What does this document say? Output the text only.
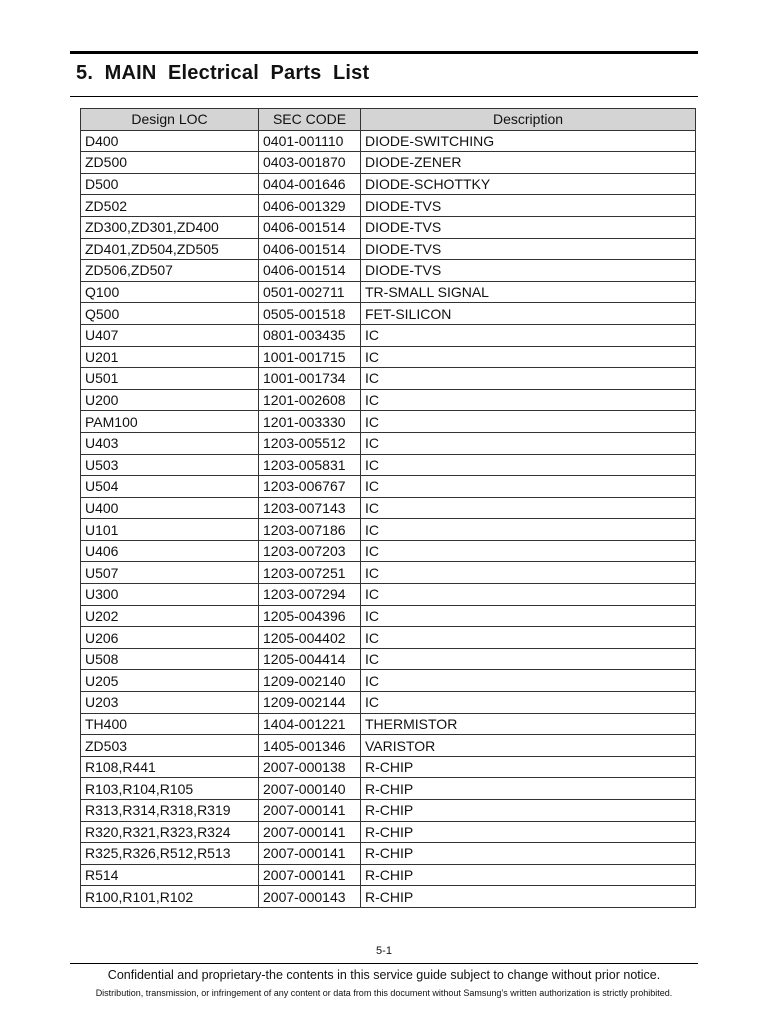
5.  MAIN  Electrical  Parts  List
Design LOC	SEC CODE	Description
D400	0401-001110	DIODE-SWITCHING
ZD500	0403-001870	DIODE-ZENER
D500	0404-001646	DIODE-SCHOTTKY
ZD502	0406-001329	DIODE-TVS
ZD300,ZD301,ZD400	0406-001514	DIODE-TVS
ZD401,ZD504,ZD505	0406-001514	DIODE-TVS
ZD506,ZD507	0406-001514	DIODE-TVS
Q100	0501-002711	TR-SMALL SIGNAL
Q500	0505-001518	FET-SILICON
U407	0801-003435	IC
U201	1001-001715	IC
U501	1001-001734	IC
U200	1201-002608	IC
PAM100	1201-003330	IC
U403	1203-005512	IC
U503	1203-005831	IC
U504	1203-006767	IC
U400	1203-007143	IC
U101	1203-007186	IC
U406	1203-007203	IC
U507	1203-007251	IC
U300	1203-007294	IC
U202	1205-004396	IC
U206	1205-004402	IC
U508	1205-004414	IC
U205	1209-002140	IC
U203	1209-002144	IC
TH400	1404-001221	THERMISTOR
ZD503	1405-001346	VARISTOR
R108,R441	2007-000138	R-CHIP
R103,R104,R105	2007-000140	R-CHIP
R313,R314,R318,R319	2007-000141	R-CHIP
R320,R321,R323,R324	2007-000141	R-CHIP
R325,R326,R512,R513	2007-000141	R-CHIP
R514	2007-000141	R-CHIP
R100,R101,R102	2007-000143	R-CHIP
5-1
Confidential and proprietary-the contents in this service guide subject to change without prior notice.
Distribution, transmission, or infringement of any content or data from this document without Samsung’s written authorization is strictly prohibited.
